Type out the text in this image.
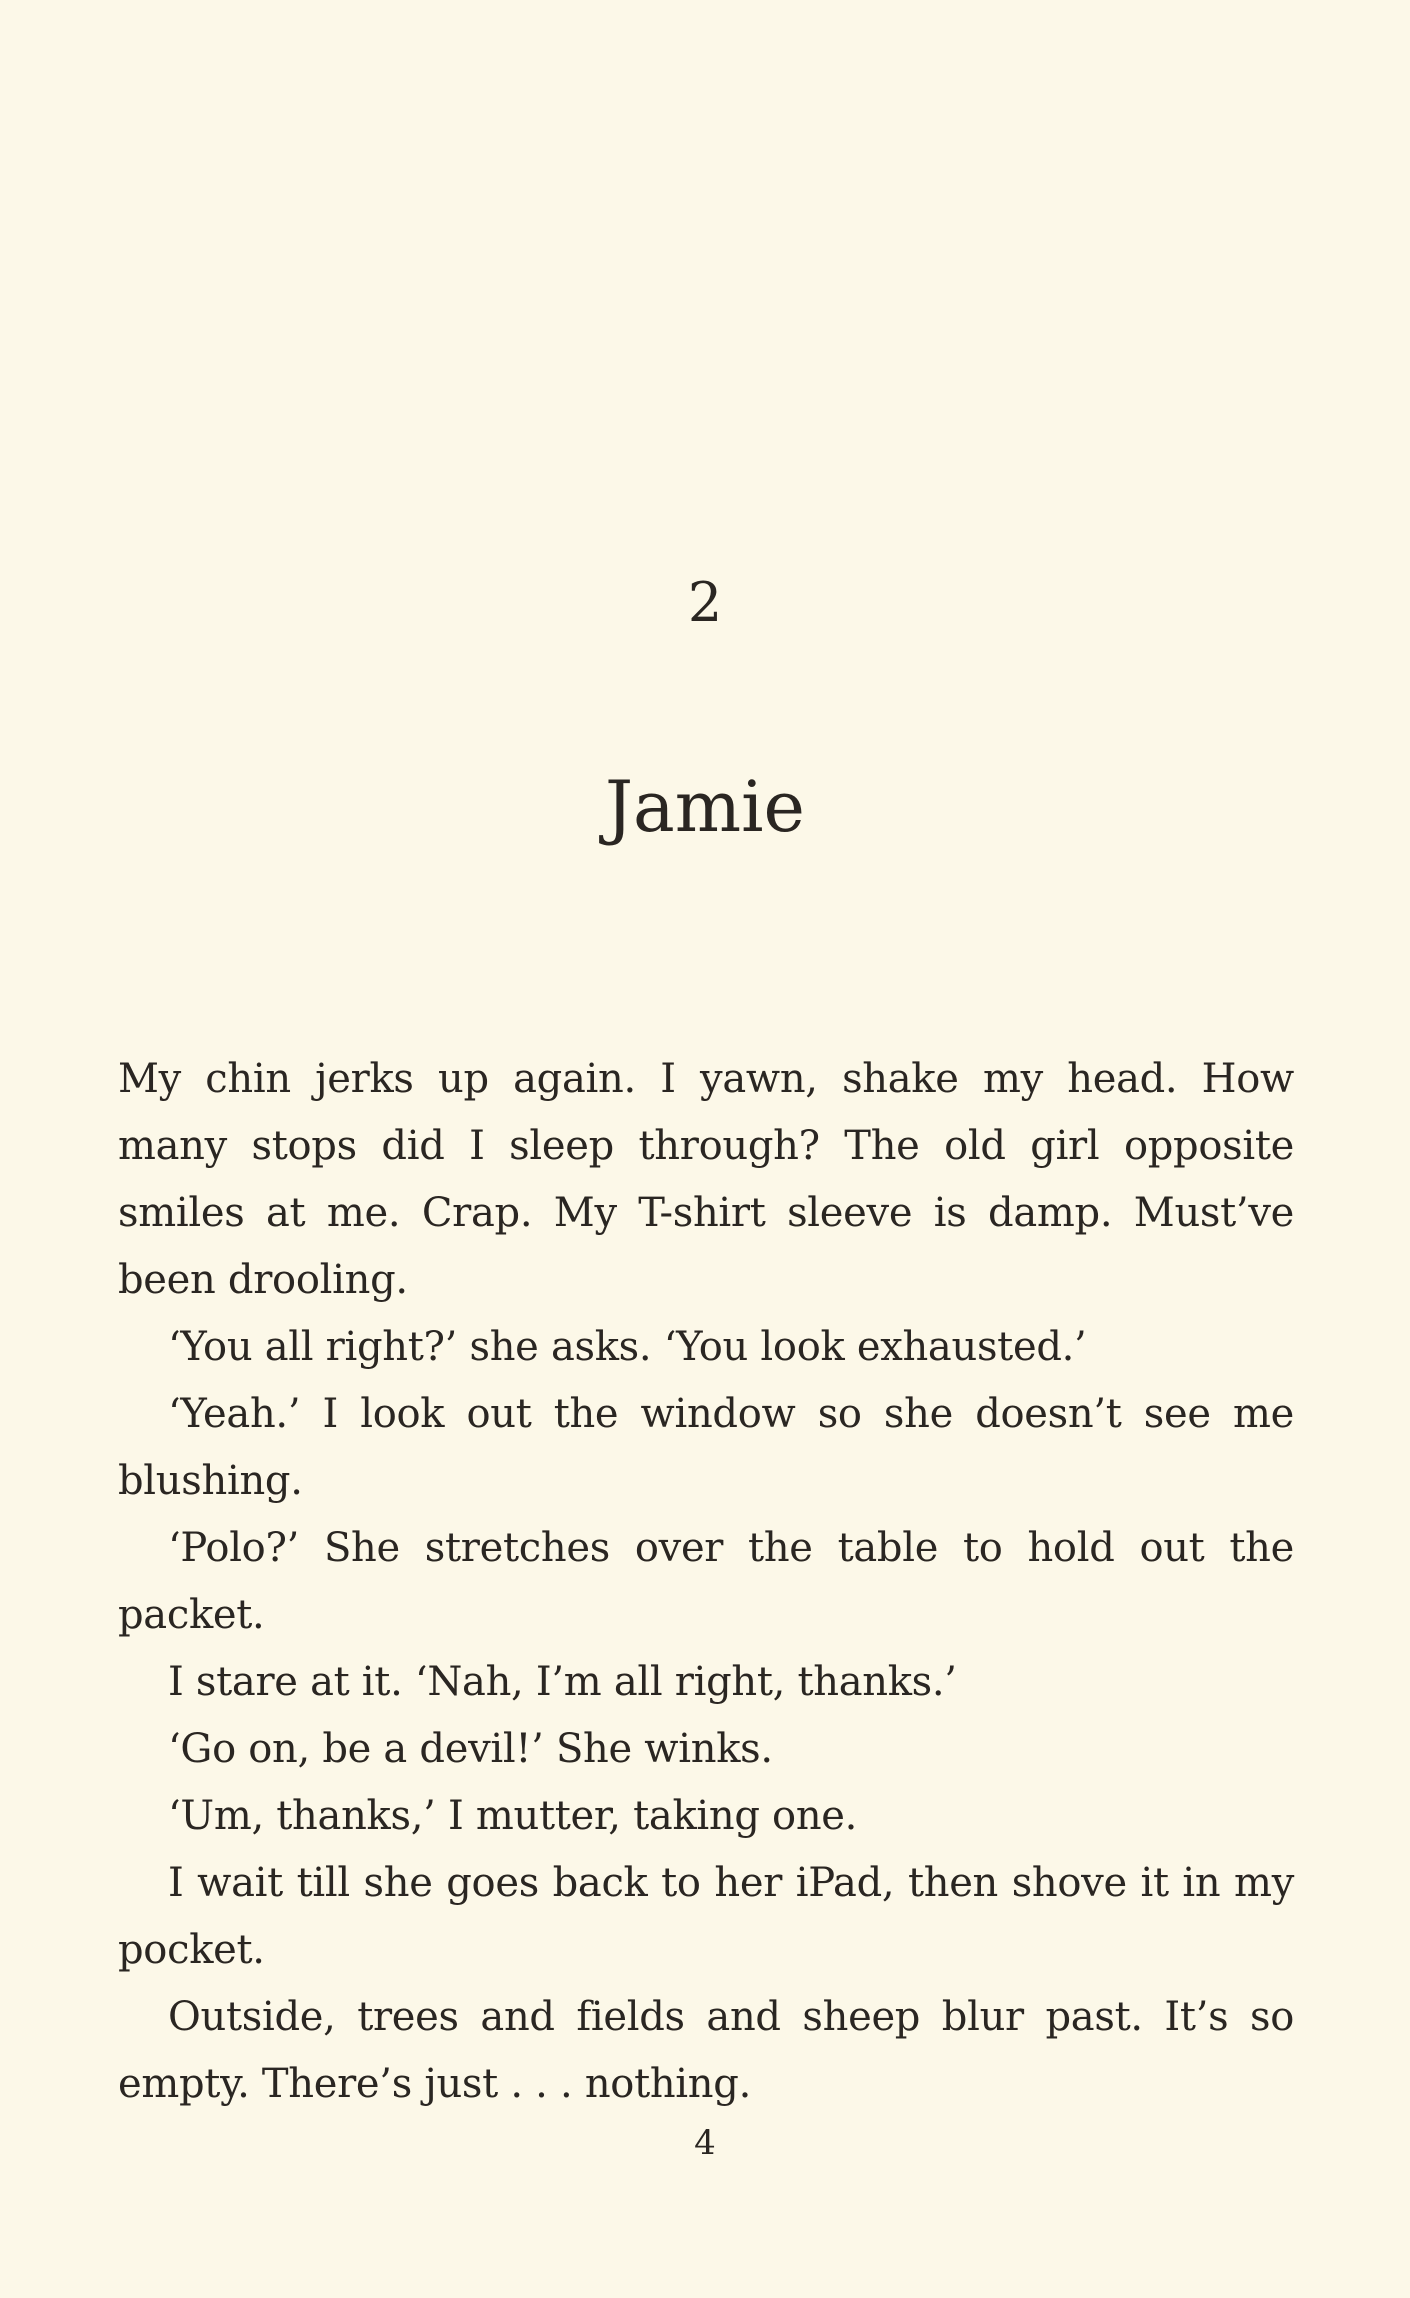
2
Jamie

My chin jerks up again. I yawn, shake my head. How many stops did I sleep through? The old girl opposite smiles at me. Crap. My T-shirt sleeve is damp. Must’ve been drooling.

‘You all right?’ she asks. ‘You look exhausted.’

‘Yeah.’ I look out the window so she doesn’t see me blushing.

‘Polo?’ She stretches over the table to hold out the packet.

I stare at it. ‘Nah, I’m all right, thanks.’

‘Go on, be a devil!’ She winks.

‘Um, thanks,’ I mutter, taking one.

I wait till she goes back to her iPad, then shove it in my pocket.

Outside, trees and fields and sheep blur past. It’s so empty. There’s just . . . nothing.

4
